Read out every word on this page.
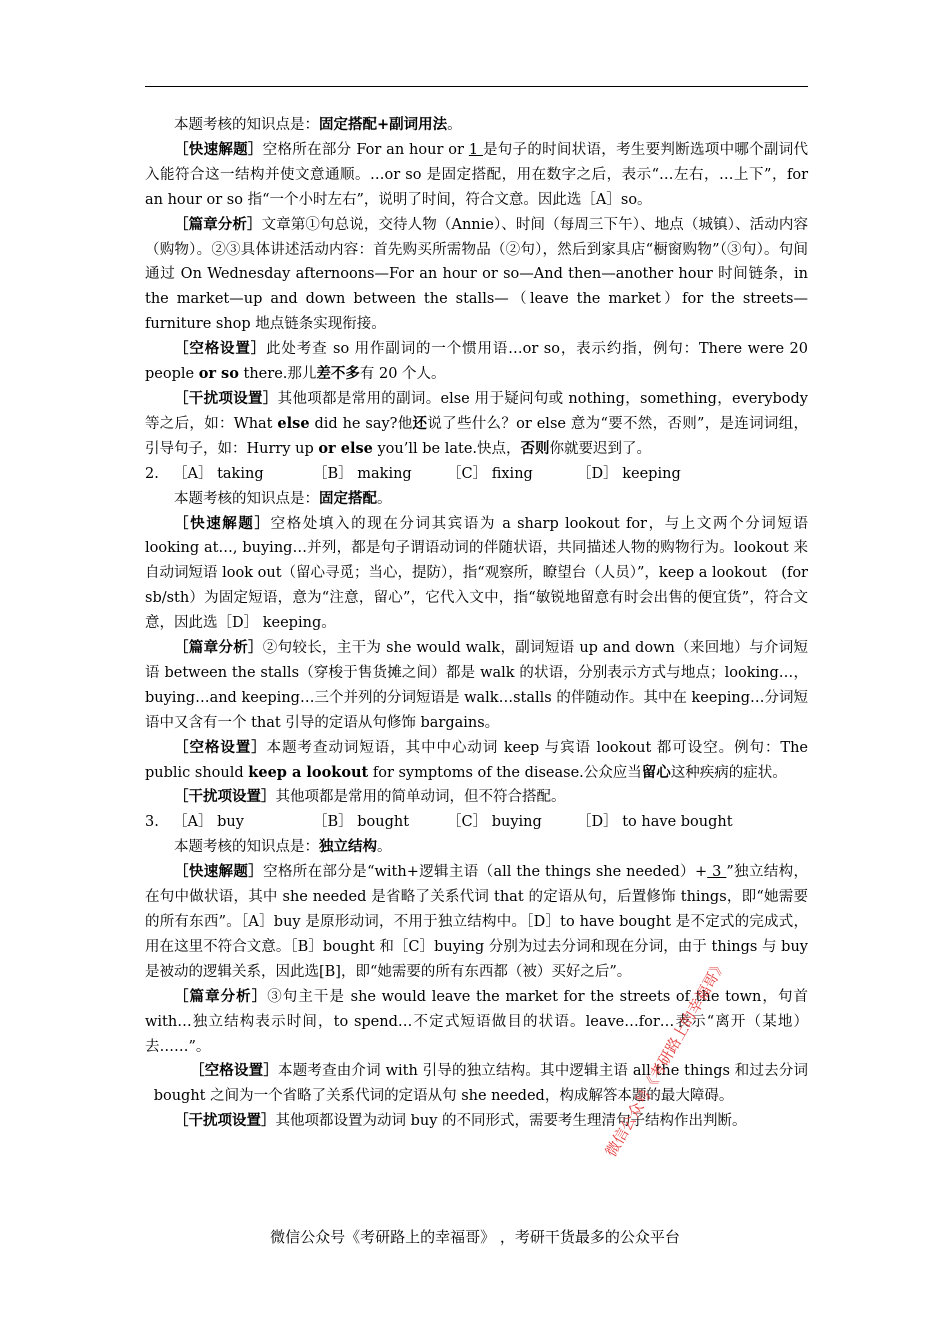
本题考核的知识点是：固定搭配+副词用法。

［快速解题］空格所在部分 For an hour or 1 是句子的时间状语，考生要判断选项中哪个副词代入能符合这一结构并使文意通顺。…or so 是固定搭配，用在数字之后，表示“…左右，…上下”，for an hour or so 指“一个小时左右”，说明了时间，符合文意。因此选［A］so。

［篇章分析］文章第①句总说，交待人物（Annie）、时间（每周三下午）、地点（城镇）、活动内容（购物）。②③具体讲述活动内容：首先购买所需物品（②句），然后到家具店“橱窗购物”（③句）。句间通过 On Wednesday afternoons—For an hour or so—And then—another hour 时间链条，in the market—up and down between the stalls—（leave the market）for the streets—furniture shop 地点链条实现衔接。

［空格设置］此处考查 so 用作副词的一个惯用语…or so，表示约指，例句：There were 20 people or so there.那儿差不多有 20 个人。

［干扰项设置］其他项都是常用的副词。else 用于疑问句或 nothing，something，everybody 等之后，如：What else did he say?他还说了些什么？or else 意为“要不然，否则”，是连词词组，引导句子，如：Hurry up or else you’ll be late.快点，否则你就要迟到了。

2. ［A］ taking	［B］ making	［C］ fixing	［D］ keeping

本题考核的知识点是：固定搭配。

［快速解题］空格处填入的现在分词其宾语为 a sharp lookout for，与上文两个分词短语 looking at…, buying…并列，都是句子谓语动词的伴随状语，共同描述人物的购物行为。lookout 来自动词短语 look out（留心寻觅；当心，提防），指“观察所，瞭望台（人员）”，keep a lookout　(for sb/sth）为固定短语，意为“注意，留心”，它代入文中，指“敏锐地留意有时会出售的便宜货”，符合文意，因此选［D］ keeping。

［篇章分析］②句较长，主干为 she would walk，副词短语 up and down（来回地）与介词短语 between the stalls（穿梭于售货摊之间）都是 walk 的状语，分别表示方式与地点；looking…，buying…and keeping…三个并列的分词短语是 walk…stalls 的伴随动作。其中在 keeping…分词短语中又含有一个 that 引导的定语从句修饰 bargains。

［空格设置］本题考查动词短语，其中中心动词 keep 与宾语 lookout 都可设空。例句：The public should keep a lookout for symptoms of the disease.公众应当留心这种疾病的症状。

［干扰项设置］其他项都是常用的简单动词，但不符合搭配。

3. ［A］ buy	［B］ bought	［C］ buying	［D］ to have bought

本题考核的知识点是：独立结构。

［快速解题］空格所在部分是“with+逻辑主语（all the things she needed）+ 3 ”独立结构，在句中做状语，其中 she needed 是省略了关系代词 that 的定语从句，后置修饰 things，即“她需要的所有东西”。［A］buy 是原形动词，不用于独立结构中。［D］to have bought 是不定式的完成式，用在这里不符合文意。［B］bought 和［C］buying 分别为过去分词和现在分词，由于 things 与 buy 是被动的逻辑关系，因此选[B]，即“她需要的所有东西都（被）买好之后”。

［篇章分析］③句主干是 she would leave the market for the streets of the town，句首 with…独立结构表示时间，to spend…不定式短语做目的状语。leave…for…表示“离开（某地）去……”。

［空格设置］本题考查由介词 with 引导的独立结构。其中逻辑主语 all the things 和过去分词 bought 之间为一个省略了关系代词的定语从句 she needed，构成解答本题的最大障碍。

［干扰项设置］其他项都设置为动词 buy 的不同形式，需要考生理清句子结构作出判断。

微信公众号《考研路上的幸福哥》 ，考研干货最多的公众平台
微信公众号《考研路上的幸福哥》
